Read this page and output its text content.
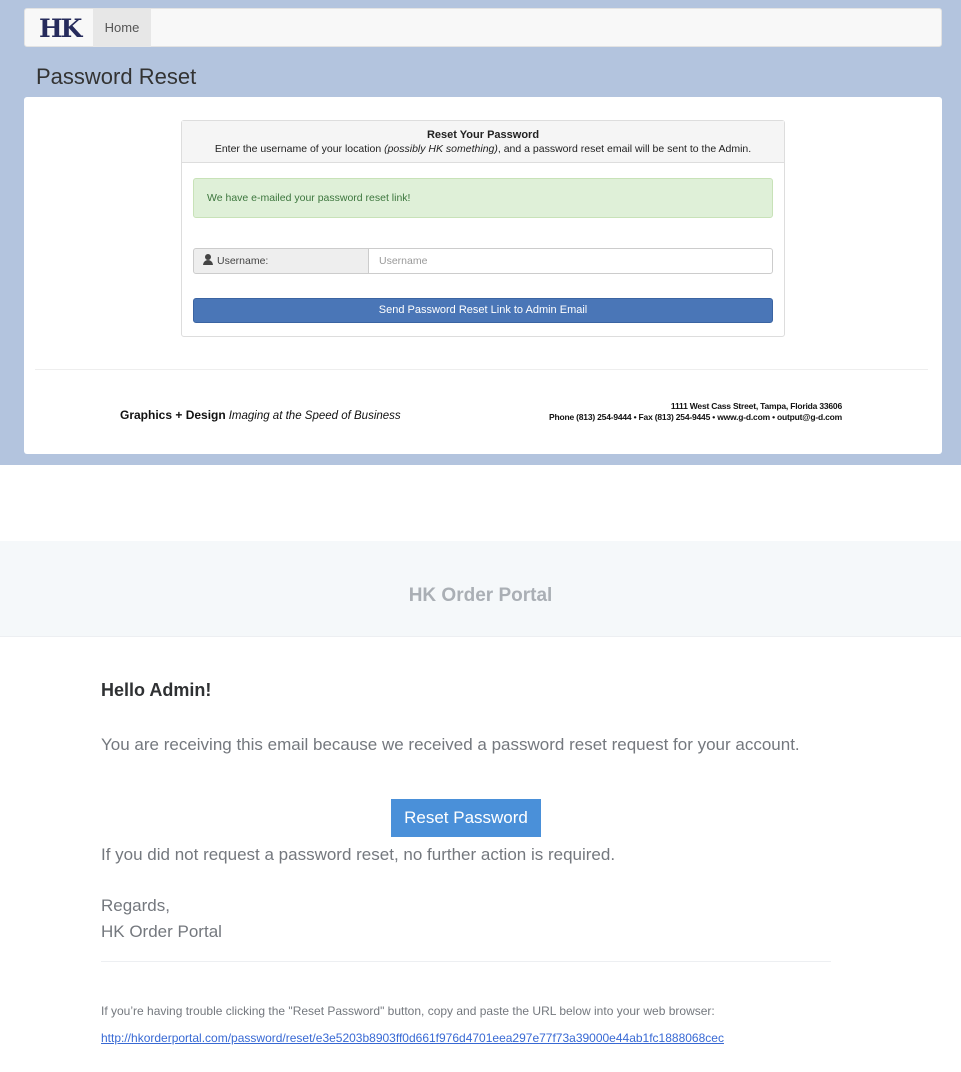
HK	Home
Password Reset
Reset Your Password
Enter the username of your location (possibly HK something), and a password reset email will be sent to the Admin.
We have e-mailed your password reset link!
Username:
Username
Send Password Reset Link to Admin Email
Graphics + Design Imaging at the Speed of Business
1111 West Cass Street, Tampa, Florida 33606
Phone (813) 254-9444 • Fax (813) 254-9445 • www.g-d.com • output@g-d.com
HK Order Portal
Hello Admin!
You are receiving this email because we received a password reset request for your account.
Reset Password
If you did not request a password reset, no further action is required.
Regards,
HK Order Portal
If you’re having trouble clicking the "Reset Password" button, copy and paste the URL below into your web browser:
http://hkorderportal.com/password/reset/e3e5203b8903ff0d661f976d4701eea297e77f73a39000e44ab1fc1888068cec
